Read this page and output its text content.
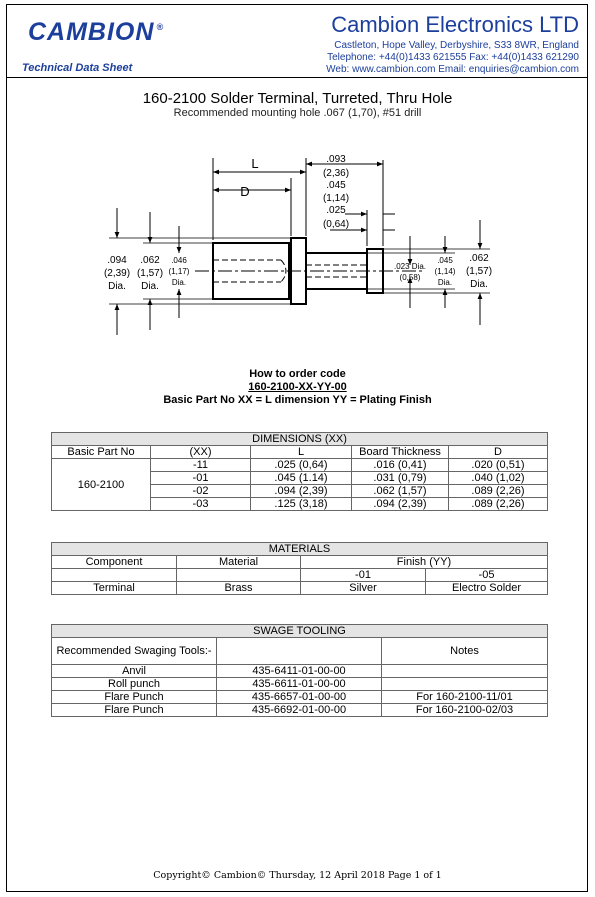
CAMBION ®
Technical Data Sheet
Cambion Electronics LTD
Castleton, Hope Valley, Derbyshire, S33 8WR, England
Telephone: +44(0)1433 621555 Fax: +44(0)1433 621290
Web: www.cambion.com Email: enquiries@cambion.com
160-2100 Solder Terminal, Turreted, Thru Hole
Recommended mounting hole .067 (1,70), #51 drill
L
D
.093
(2,36)
.045
(1,14)
.025
(0,64)
.094
(2,39)
Dia.
.062
(1,57)
Dia.
.046
(1,17)
Dia.
.023 Dia.
(0,58)
.045
(1,14)
Dia.
.062
(1,57)
Dia.
How to order code
160-2100-XX-YY-00
Basic Part No XX = L dimension YY = Plating Finish
DIMENSIONS (XX)				
Basic Part No	(XX)	L	Board Thickness	D
160-2100	-11	.025 (0,64)	.016 (0,41)	.020 (0,51)
	-01	.045 (1.14)	.031 (0,79)	.040 (1,02)
	-02	.094 (2,39)	.062 (1,57)	.089 (2,26)
	-03	.125 (3,18)	.094 (2,39)	.089 (2,26)
MATERIALS			
Component	Material	Finish (YY)	
		-01	-05
Terminal	Brass	Silver	Electro Solder
SWAGE TOOLING		
Recommended Swaging Tools:-		Notes
Anvil	435-6411-01-00-00	
Roll punch	435-6611-01-00-00	
Flare Punch	435-6657-01-00-00	For 160-2100-11/01
Flare Punch	435-6692-01-00-00	For 160-2100-02/03
Copyright© Cambion© Thursday, 12 April 2018 Page 1 of 1
